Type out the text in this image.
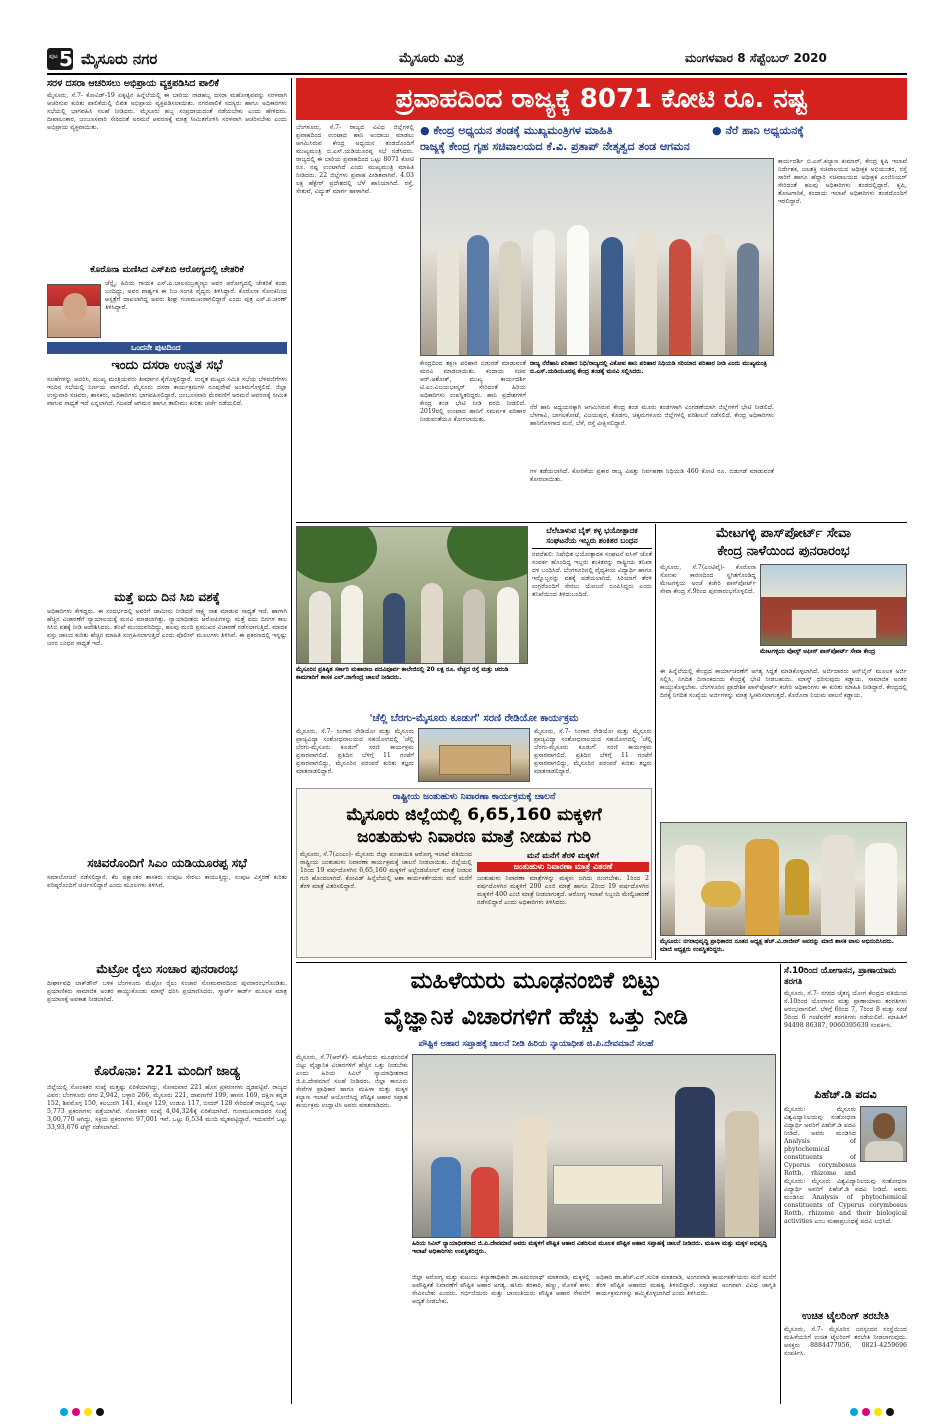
ಪುಟ 5 ಮೈಸೂರು ನಗರ	ಮೈಸೂರು ಮಿತ್ರ	ಮಂಗಳವಾರ 8 ಸೆಪ್ಟೆಂಬರ್ 2020
ಸರಳ ದಸರಾ ಆಚರಿಸಲು ಅಭಿಪ್ರಾಯ ವ್ಯಕ್ತಪಡಿಸಿದ ಪಾಲಿಕೆ
ಮೈಸೂರು, ಸೆ.7- ಕೋವಿಡ್-19 ಏಕ್ಕಟ್ಟಿನ ಹಿನ್ನೆಲೆಯಲ್ಲಿ ಈ ಬಾರಿಯ ನಾಡಹಬ್ಬ ದಸರಾ ಮಹೋತ್ಸವವನ್ನು ಸರಳವಾಗಿ ಆಚರಿಸುವ ಕುರಿತು ಪಾಲಿಕೆಯಲ್ಲಿ ಲಿಖಿತ ಅಭಿಪ್ರಾಯ ವ್ಯಕ್ತಪಡಿಸಲಾಯಿತು. ನಗರಪಾಲಿಕೆ ಸದಸ್ಯರು ಹಾಗೂ ಅಧಿಕಾರಿಗಳು ಸಭೆಯಲ್ಲಿ ಭಾಗವಹಿಸಿ ಸಲಹೆ ನೀಡಿದರು. ಮೈಸೂರು ಹಬ್ಬ ಸಂಪ್ರದಾಯದಂತೆ ನಡೆಯಬೇಕು ಎಂದು ಹೇಳಿದರು. ದೀಪಾಲಂಕಾರ, ಜಂಬೂಸವಾರಿ ಸೇರಿದಂತೆ ಅರಮನೆ ಆವರಣಕ್ಕೆ ಮಾತ್ರ ಸೀಮಿತಗೊಳಿಸಿ ಸರಳವಾಗಿ ಆಚರಿಸಬೇಕು ಎಂದು ಅಭಿಪ್ರಾಯ ವ್ಯಕ್ತವಾಯಿತು.
ಕೊರೊನಾ ಮಣಿಸಿದ ಎಸ್‌ಪಿಬಿ ಆರೋಗ್ಯದಲ್ಲಿ ಚೇತರಿಕೆ
ಚೆನ್ನೈ: ಹಿರಿಯ ಗಾಯಕ ಎಸ್.ಪಿ.ಬಾಲಸುಬ್ರಹ್ಮಣ್ಯಂ ಅವರ ಆರೋಗ್ಯದಲ್ಲಿ ಚೇತರಿಕೆ ಕಂಡು ಬಂದಿದ್ದು, ಅವರ ಪಾರ್ಶ್ವಕ ಈ ನಿಜ ಸಂಗತಿ ವೈದ್ಯರು ತಿಳಿಸಿದ್ದಾರೆ. ಕೊರೊನಾ ಸೋಂಕಿನಿಂದ ಆಸ್ಪತ್ರೆಗೆ ದಾಖಲಾಗಿದ್ದ ಅವರು ಶೀಘ್ರ ಗುಣಮುಖರಾಗಲಿದ್ದಾರೆ ಎಂದು ಪುತ್ರ ಎಸ್.ಪಿ.ಚರಣ್ ತಿಳಿಸಿದ್ದಾರೆ.
ಒಂದನೇ ಪುಟದಿಂದ
ಇಂದು ದಸರಾ ಉನ್ನತ ಸಭೆ
ಸಲಹೆಗಳನ್ನು ಆದರಿಸಿ, ಮುಖ್ಯ ಮಂತ್ರಿಯವರು ತೀರ್ಮಾನ ಕೈಗೊಳ್ಳಲಿದ್ದಾರೆ. ಉನ್ನತ ಮಟ್ಟದ ಸಮಿತಿ ಸಭೆಯ ಬೆಳವಣಿಗೆಗಳು ಇಂದಿನ ಸಭೆಯಲ್ಲಿ ನಿರ್ಣಯ ವಾಗಲಿದೆ. ಮೈಸೂರು ದಸರಾ ಕಾರ್ಯಕ್ರಮಗಳ ರೂಪುರೇಷೆ ಅಂತಿಮಗೊಳ್ಳಲಿದೆ. ಜಿಲ್ಲಾ ಉಸ್ತುವಾರಿ ಸಚಿವರು, ಶಾಸಕರು, ಅಧಿಕಾರಿಗಳು ಭಾಗವಹಿಸಲಿದ್ದಾರೆ. ಜಂಬೂಸವಾರಿ ಮೆರವಣಿಗೆ ಅರಮನೆ ಆವರಣಕ್ಕೆ ಸೀಮಿತ ವಾಗುವ ಸಾಧ್ಯತೆ ಇದೆ ಎನ್ನಲಾಗಿದೆ. ಗಜಪಡೆ ಆಗಮನ ಹಾಗೂ ತಾಲೀಮು ಕುರಿತು ಚರ್ಚೆ ನಡೆಯಲಿದೆ.
ಮತ್ತೆ ಐದು ದಿನ ಸಿಬಿ ವಶಕ್ಕೆ
ಅಧಿಕಾರಿಗಳು ಕೇಳಿದ್ದರು. ಈ ಸಂದರ್ಭದಲ್ಲಿ ಅವರಿಗೆ ಜಾಮೀನು ನೀಡಿದರೆ ಸಾಕ್ಷ್ಯ ನಾಶ ಮಾಡುವ ಸಾಧ್ಯತೆ ಇದೆ. ಹಾಗಾಗಿ ಹೆಚ್ಚಿನ ವಿಚಾರಣೆಗೆ ನ್ಯಾಯಾಲಯಕ್ಕೆ ಮನವಿ ಮಾಡಲಾಗಿತ್ತು. ನ್ಯಾಯಾಧೀಶರು ಆರೋಪಿಗಳನ್ನು ಮತ್ತೆ ಐದು ದಿನಗಳ ಕಾಲ ಸಿಸಿಬಿ ವಶಕ್ಕೆ ನೀಡಿ ಆದೇಶಿಸಿದರು. ತನಿಖೆ ಮುಂದುವರಿದಿದ್ದು, ಹಲವು ಮಂದಿ ಪ್ರಮುಖರ ವಿಚಾರಣೆ ನಡೆಸಲಾಗುತ್ತಿದೆ. ಮಾದಕ ವಸ್ತು ಜಾಲದ ಕುರಿತು ಹೆಚ್ಚಿನ ಮಾಹಿತಿ ಸಂಗ್ರಹಿಸಲಾಗುತ್ತಿದೆ ಎಂದು ಪೊಲೀಸ್ ಮೂಲಗಳು ತಿಳಿಸಿವೆ. ಈ ಪ್ರಕರಣದಲ್ಲಿ ಇನ್ನಷ್ಟು ಜನರ ಬಂಧನ ಸಾಧ್ಯತೆ ಇದೆ.
ಸಚಿವರೊಂದಿಗೆ ಸಿಎಂ ಯಡಿಯೂರಪ್ಪ ಸಭೆ
ಸಮಾಲೋಚನೆ ನಡೆಸಲಿದ್ದಾರೆ. ಕೆಲ ಪಕ್ಷಾಂತರ ಶಾಸಕರು ಸಂಪುಟ ಸೇರಲು ಕಾಯುತ್ತಿದ್ದು, ಸಂಪುಟ ವಿಸ್ತರಣೆ ಕುರಿತು ವರಿಷ್ಠರೊಂದಿಗೆ ಚರ್ಚಿಸಲಿದ್ದಾರೆ ಎಂದು ಮೂಲಗಳು ತಿಳಿಸಿವೆ.
ಮೆಟ್ರೋ ರೈಲು ಸಂಚಾರ ಪುನರಾರಂಭ
ದೀರ್ಘಾವಧಿ ಲಾಕ್‌ಡೌನ್ ಬಳಿಕ ಬೆಂಗಳೂರು ಮೆಟ್ರೋ ರೈಲು ಸಂಚಾರ ಸೋಮವಾರದಿಂದ ಪುನರಾರಂಭಗೊಂಡಿತು. ಪ್ರಯಾಣಿಕರು ಸಾಮಾಜಿಕ ಅಂತರ ಕಾಯ್ದುಕೊಂಡು ಮಾಸ್ಕ್ ಧರಿಸಿ ಪ್ರಯಾಣಿಸಿದರು. ಸ್ಮಾರ್ಟ್ ಕಾರ್ಡ್ ಮೂಲಕ ಮಾತ್ರ ಪ್ರಯಾಣಕ್ಕೆ ಅವಕಾಶ ನೀಡಲಾಗಿದೆ.
ಕೊರೊನಾ: 221 ಮಂದಿಗೆ ಜಾಡ್ಯ
ಜಿಲ್ಲೆಯಲ್ಲಿ ಸೋಂಕಿತರ ಸಂಖ್ಯೆ ಮತ್ತಷ್ಟು ಏರಿಕೆಯಾಗಿದ್ದು, ಸೋಮವಾರ 221 ಹೊಸ ಪ್ರಕರಣಗಳು ದೃಢಪಟ್ಟಿವೆ. ರಾಜ್ಯದ ವಿವರ: ಬೆಂಗಳೂರು ನಗರ 2,942, ಬಳ್ಳಾರಿ 266, ಮೈಸೂರು 221, ದಾವಣಗೆರೆ 199, ಹಾಸನ 169, ದಕ್ಷಿಣ ಕನ್ನಡ 152, ಶಿವಮೊಗ್ಗ 150, ಕಲಬುರಗಿ 141, ಕೊಪ್ಪಳ 129, ಉಡುಪಿ 117, ಬೀದರ್ 128 ಸೇರಿದಂತೆ ರಾಜ್ಯದಲ್ಲಿ ಒಟ್ಟು 5,773 ಪ್ರಕರಣಗಳು ಪತ್ತೆಯಾಗಿವೆ. ಸೋಂಕಿತರ ಸಂಖ್ಯೆ 4,04,324ಕ್ಕೆ ಏರಿಕೆಯಾಗಿದೆ. ಗುಣಮುಖರಾದವರ ಸಂಖ್ಯೆ 3,00,770 ಆಗಿದ್ದು, ಸಕ್ರಿಯ ಪ್ರಕರಣಗಳು 97,001 ಇವೆ. ಒಟ್ಟು 6,534 ಮಂದಿ ಮೃತಪಟ್ಟಿದ್ದಾರೆ. ಇದುವರೆಗೆ ಒಟ್ಟು 33,93,676 ಟೆಸ್ಟ್ ನಡೆಸಲಾಗಿದೆ.
ಪ್ರವಾಹದಿಂದ ರಾಜ್ಯಕ್ಕೆ 8071 ಕೋಟಿ ರೂ. ನಷ್ಟ
● ಕೇಂದ್ರ ಅಧ್ಯಯನ ತಂಡಕ್ಕೆ ಮುಖ್ಯಮಂತ್ರಿಗಳ ಮಾಹಿತಿ	● ನೆರೆ ಹಾನಿ ಅಧ್ಯಯನಕ್ಕೆ
ರಾಜ್ಯಕ್ಕೆ ಕೇಂದ್ರ ಗೃಹ ಸಚಿವಾಲಯದ ಕೆ.ವಿ. ಪ್ರತಾಪ್ ನೇತೃತ್ವದ ತಂಡ ಆಗಮನ
ಬೆಂಗಳೂರು, ಸೆ.7- ರಾಜ್ಯದ ವಿವಿಧ ಜಿಲ್ಲೆಗಳಲ್ಲಿ ಪ್ರವಾಹದಿಂದ ಉಂಟಾದ ಹಾನಿ ಅಂದಾಜು ಮಾಡಲು ಆಗಮಿಸಿರುವ ಕೇಂದ್ರ ಅಧ್ಯಯನ ತಂಡದೊಂದಿಗೆ ಮುಖ್ಯಮಂತ್ರಿ ಬಿ.ಎಸ್.ಯಡಿಯೂರಪ್ಪ ಸಭೆ ನಡೆಸಿದರು. ರಾಜ್ಯದಲ್ಲಿ ಈ ಬಾರಿಯ ಪ್ರವಾಹದಿಂದ ಒಟ್ಟು 8071 ಕೋಟಿ ರೂ. ನಷ್ಟ ಉಂಟಾಗಿದೆ ಎಂದು ಮುಖ್ಯಮಂತ್ರಿ ಮಾಹಿತಿ ನೀಡಿದರು. 22 ಜಿಲ್ಲೆಗಳು ಪ್ರವಾಹ ಪೀಡಿತವಾಗಿವೆ. 4.03 ಲಕ್ಷ ಹೆಕ್ಟೇರ್ ಪ್ರದೇಶದಲ್ಲಿ ಬೆಳೆ ಹಾನಿಯಾಗಿದೆ. ರಸ್ತೆ, ಸೇತುವೆ, ವಿದ್ಯುತ್ ಮಾರ್ಗ ಹಾಳಾಗಿವೆ.
ರಾಜ್ಯ ನೆರೆಹಾನಿ ಪರಿಹಾರ ನಿಧಿ/ರಾಜ್ಯದಲ್ಲಿ ವಿಕೋಪ ಹಾನಿ ಪರಿಹಾರ ನಿಧಿಯಡಿ ಸರಿಯಾದ ಪರಿಹಾರ ನೀಡಿ ಎಂದು ಮುಖ್ಯಮಂತ್ರಿ ಬಿ.ಎಸ್.ಯಡಿಯೂರಪ್ಪ ಕೇಂದ್ರ ತಂಡಕ್ಕೆ ಮನವಿ ಸಲ್ಲಿಸಿದರು.
ಕೇಂದ್ರದಿಂದ ತಕ್ಷಣ ಪರಿಹಾರ ಬಿಡುಗಡೆ ಮಾಡುವಂತೆ ಮನವಿ ಮಾಡಲಾಯಿತು. ಕಂದಾಯ ಸಚಿವ ಆರ್.ಅಶೋಕ್, ಮುಖ್ಯ ಕಾರ್ಯದರ್ಶಿ ಟಿ.ಎಂ.ವಿಜಯಭಾಸ್ಕರ್ ಸೇರಿದಂತೆ ಹಿರಿಯ ಅಧಿಕಾರಿಗಳು ಉಪಸ್ಥಿತರಿದ್ದರು. ಹಾನಿ ಪ್ರದೇಶಗಳಿಗೆ ಕೇಂದ್ರ ತಂಡ ಭೇಟಿ ನೀಡಿ ವರದಿ ನೀಡಲಿದೆ. 2019ರಲ್ಲಿ ಉಂಟಾದ ಹಾನಿಗೆ ಸಮರ್ಪಕ ಪರಿಹಾರ ನೀಡುವಂತೆಯೂ ಕೋರಲಾಯಿತು.
ನೆರೆ ಹಾನಿ ಅಧ್ಯಯನಕ್ಕಾಗಿ ಆಗಮಿಸಿರುವ ಕೇಂದ್ರ ತಂಡ ಮೂರು ತಂಡಗಳಾಗಿ ವಿಂಗಡಣೆಯಾಗಿ ಜಿಲ್ಲೆಗಳಿಗೆ ಭೇಟಿ ನೀಡಲಿದೆ. ಬೆಳಗಾವಿ, ಬಾಗಲಕೋಟೆ, ವಿಜಯಪುರ, ಕೊಡಗು, ಚಿಕ್ಕಮಗಳೂರು ಜಿಲ್ಲೆಗಳಲ್ಲಿ ಪರಿಶೀಲನೆ ನಡೆಸಲಿದೆ. ಕೇಂದ್ರ ಅಧಿಕಾರಿಗಳು ಹಾನಿಗೊಳಗಾದ ಮನೆ, ಬೆಳೆ, ರಸ್ತೆ ವೀಕ್ಷಿಸಲಿದ್ದಾರೆ.
ಗಳ ತಡೆಯಲಾಗಿದೆ. ಕೋರಿಕೆಯ ಪ್ರಕಾರ ರಾಜ್ಯ ವಿಪತ್ತು ನಿರ್ವಹಣಾ ನಿಧಿಯಡಿ 460 ಕೋಟಿ ರೂ. ಬಿಡುಗಡೆ ಮಾಡುವಂತೆ ಕೋರಲಾಯಿತು.
ಕಾರ್ಯದರ್ಶಿ ಬಿ.ಎಸ್.ಕಲ್ಯಾಣ ಕುಮಾರ್, ಕೇಂದ್ರ ಕೃಷಿ ಇಲಾಖೆ ನಿರ್ದೇಶಕ, ಜಲಶಕ್ತಿ ಸಚಿವಾಲಯದ ಅಧೀಕ್ಷಕ ಅಭಿಯಂತರ, ರಸ್ತೆ ಸಾರಿಗೆ ಹಾಗೂ ಹೆದ್ದಾರಿ ಸಚಿವಾಲಯದ ಅಧೀಕ್ಷಕ ಎಂಜಿನಿಯರ್ ಸೇರಿದಂತೆ ಹಲವು ಅಧಿಕಾರಿಗಳು ತಂಡದಲ್ಲಿದ್ದಾರೆ. ಕೃಷಿ, ತೋಟಗಾರಿಕೆ, ಕಂದಾಯ ಇಲಾಖೆ ಅಧಿಕಾರಿಗಳು ತಂಡದೊಂದಿಗೆ ಇರಲಿದ್ದಾರೆ.
ಮೈಸೂರಿನ ಪ್ರತಿಷ್ಠಿತ ಸರ್ಕಾರಿ ಮಹಾರಾಜ ಪದವಿಪೂರ್ವ ಕಾಲೇಜಿನಲ್ಲಿ 20 ಲಕ್ಷ ರೂ. ವೆಚ್ಚದ ರಸ್ತೆ ಮತ್ತು ಚರಂಡಿ ಕಾಮಗಾರಿಗೆ ಶಾಸಕ ಎಲ್.ನಾಗೇಂದ್ರ ಚಾಲನೆ ನೀಡಿದರು.
ಬೆಲೆಬಾಳುವ ಬೈಕ್ ಕಳ್ಳ ಭಯೋತ್ಪಾದಕ ಸಂಘಟನೆಯ ಇಬ್ಬರು ಶಂಕಿತರ ಬಂಧನ
ನವದೆಹಲಿ: ನಿಷೇಧಿತ ಭಯೋತ್ಪಾದಕ ಸಂಘಟನೆ ಐಸಿಸ್ ಜೊತೆ ಸಂಪರ್ಕ ಹೊಂದಿದ್ದ ಇಬ್ಬರು ಶಂಕಿತರನ್ನು ರಾಷ್ಟ್ರೀಯ ತನಿಖಾ ದಳ ಬಂಧಿಸಿದೆ. ಬೆಂಗಳೂರಿನಲ್ಲಿ ವೈದ್ಯಕೀಯ ವಿದ್ಯಾರ್ಥಿ ಹಾಗೂ ಇನ್ನೊಬ್ಬನನ್ನು ವಶಕ್ಕೆ ಪಡೆಯಲಾಗಿದೆ. ಸಿರಿಯಾಗೆ ತೆರಳಿ ಉಗ್ರರೊಂದಿಗೆ ಸೇರಲು ಯೋಜನೆ ರೂಪಿಸಿದ್ದರು ಎಂದು ತನಿಖೆಯಿಂದ ತಿಳಿದುಬಂದಿದೆ.
'ಚೆಲ್ಲಿ ಬೆರಗು-ಮೈಸೂರು ಕೂಡುಗೆ' ಸರಣಿ ರೇಡಿಯೋ ಕಾರ್ಯಕ್ರಮ
ಮೈಸೂರು, ಸೆ.7- ಸಿಂಗಾರ ರೇಡಿಯೋ ಮತ್ತು ಮೈಸೂರು ಪ್ರಾಚ್ಯವಿದ್ಯಾ ಸಂಶೋಧನಾಲಯದ ಸಹಯೋಗದಲ್ಲಿ 'ಚೆಲ್ಲಿ ಬೆರಗು-ಮೈಸೂರು ಕೂಡುಗೆ' ಸರಣಿ ಕಾರ್ಯಕ್ರಮ ಪ್ರಸಾರವಾಗಲಿದೆ. ಪ್ರತಿದಿನ ಬೆಳಿಗ್ಗೆ 11 ಗಂಟೆಗೆ ಪ್ರಸಾರವಾಗಲಿದ್ದು, ಮೈಸೂರಿನ ಪರಂಪರೆ ಕುರಿತು ತಜ್ಞರು ಮಾತನಾಡಲಿದ್ದಾರೆ.
ಮೈಸೂರು, ಸೆ.7- ಸಿಂಗಾರ ರೇಡಿಯೋ ಮತ್ತು ಮೈಸೂರು ಪ್ರಾಚ್ಯವಿದ್ಯಾ ಸಂಶೋಧನಾಲಯದ ಸಹಯೋಗದಲ್ಲಿ 'ಚೆಲ್ಲಿ ಬೆರಗು-ಮೈಸೂರು ಕೂಡುಗೆ' ಸರಣಿ ಕಾರ್ಯಕ್ರಮ ಪ್ರಸಾರವಾಗಲಿದೆ. ಪ್ರತಿದಿನ ಬೆಳಿಗ್ಗೆ 11 ಗಂಟೆಗೆ ಪ್ರಸಾರವಾಗಲಿದ್ದು, ಮೈಸೂರಿನ ಪರಂಪರೆ ಕುರಿತು ತಜ್ಞರು ಮಾತನಾಡಲಿದ್ದಾರೆ.
ರಾಷ್ಟ್ರೀಯ ಜಂತುಹುಳು ನಿವಾರಣಾ ಕಾರ್ಯಕ್ರಮಕ್ಕೆ ಚಾಲನೆ
ಮೈಸೂರು ಜಿಲ್ಲೆಯಲ್ಲಿ 6,65,160 ಮಕ್ಕಳಿಗೆ
ಜಂತುಹುಳು ನಿವಾರಣ ಮಾತ್ರೆ ನೀಡುವ ಗುರಿ
ಮೈಸೂರು, ಸೆ.7(ಎಂಎಂ)- ಮೈಸೂರು ಜಿಲ್ಲಾ ಪಂಚಾಯಿತಿ ಆರೋಗ್ಯ ಇಲಾಖೆ ವತಿಯಿಂದ ರಾಷ್ಟ್ರೀಯ ಜಂತುಹುಳು ನಿವಾರಣಾ ಕಾರ್ಯಕ್ರಮಕ್ಕೆ ಚಾಲನೆ ನೀಡಲಾಯಿತು. ಜಿಲ್ಲೆಯಲ್ಲಿ 1ರಿಂದ 19 ವರ್ಷದೊಳಗಿನ 6,65,160 ಮಕ್ಕಳಿಗೆ ಅಲ್ಬೆಂಡಜೋಲ್ ಮಾತ್ರೆ ನೀಡುವ ಗುರಿ ಹೊಂದಲಾಗಿದೆ. ಕೋವಿಡ್ ಹಿನ್ನೆಲೆಯಲ್ಲಿ ಆಶಾ ಕಾರ್ಯಕರ್ತೆಯರು ಮನೆ ಮನೆಗೆ ತೆರಳಿ ಮಾತ್ರೆ ವಿತರಿಸಲಿದ್ದಾರೆ.
ಮನೆ ಮನೆಗೆ ತೆರಳಿ ಮಕ್ಕಳಿಗೆ
ಜಂತುಹುಳು ನಿವಾರಣಾ ಮಾತ್ರೆ ವಿತರಣೆ
ಜಂತುಹುಳು ನಿವಾರಣಾ ಮಾತ್ರೆಗಳನ್ನು ಮಕ್ಕಳು ಜಗಿದು ನುಂಗಬೇಕು. 1ರಿಂದ 2 ವರ್ಷದೊಳಗಿನ ಮಕ್ಕಳಿಗೆ 200 ಎಂಜಿ ಮಾತ್ರೆ ಹಾಗೂ 2ರಿಂದ 19 ವರ್ಷದೊಳಗಿನ ಮಕ್ಕಳಿಗೆ 400 ಎಂಜಿ ಮಾತ್ರೆ ನೀಡಲಾಗುತ್ತದೆ. ಆರೋಗ್ಯ ಇಲಾಖೆ ಸಿಬ್ಬಂದಿ ಮೇಲ್ವಿಚಾರಣೆ ನಡೆಸಲಿದ್ದಾರೆ ಎಂದು ಅಧಿಕಾರಿಗಳು ತಿಳಿಸಿದರು.
ಮೇಟಗಳ್ಳಿ ಪಾಸ್‌ಪೋರ್ಟ್ ಸೇವಾ
ಕೇಂದ್ರ ನಾಳೆಯಿಂದ ಪುನರಾರಂಭ
ಮೈಸೂರು, ಸೆ.7(ಎಂಟಿವೈ)- ಕೊರೊನಾ ಸೋಂಕು ಕಾರಣದಿಂದ ಸ್ಥಗಿತಗೊಂಡಿದ್ದ ಮೇಟಗಳ್ಳಿಯ ಅಂಚೆ ಕಚೇರಿ ಪಾಸ್‌ಪೋರ್ಟ್ ಸೇವಾ ಕೇಂದ್ರ ಸೆ.9ರಿಂದ ಪುನರಾರಂಭಗೊಳ್ಳಲಿದೆ.
ಮೇಟಗಳ್ಳಿಯ ಪೋಸ್ಟ್ ಆಫೀಸ್ ಪಾಸ್‌ಪೋರ್ಟ್ ಸೇವಾ ಕೇಂದ್ರ
ಈ ಹಿನ್ನೆಲೆಯಲ್ಲಿ ಕೇಂದ್ರದ ಕಾರ್ಯಾಚರಣೆಗೆ ಅಗತ್ಯ ಸಿದ್ಧತೆ ಮಾಡಿಕೊಳ್ಳಲಾಗಿದೆ. ಅರ್ಜಿದಾರರು ಆನ್‌ಲೈನ್ ಮೂಲಕ ಅರ್ಜಿ ಸಲ್ಲಿಸಿ, ನಿಗದಿತ ದಿನಾಂಕದಂದು ಕೇಂದ್ರಕ್ಕೆ ಭೇಟಿ ನೀಡಬಹುದು. ಮಾಸ್ಕ್ ಧರಿಸುವುದು ಕಡ್ಡಾಯ. ಸಾಮಾಜಿಕ ಅಂತರ ಕಾಯ್ದುಕೊಳ್ಳಬೇಕು. ಬೆಂಗಳೂರಿನ ಪ್ರಾದೇಶಿಕ ಪಾಸ್‌ಪೋರ್ಟ್ ಕಚೇರಿ ಅಧಿಕಾರಿಗಳು ಈ ಕುರಿತು ಮಾಹಿತಿ ನೀಡಿದ್ದಾರೆ. ಕೇಂದ್ರದಲ್ಲಿ ದಿನಕ್ಕೆ ನಿಗದಿತ ಸಂಖ್ಯೆಯ ಅರ್ಜಿಗಳನ್ನು ಮಾತ್ರ ಸ್ವೀಕರಿಸಲಾಗುತ್ತದೆ. ಕೊರೊನಾ ನಿಯಮ ಪಾಲನೆ ಕಡ್ಡಾಯ.
ಮೈಸೂರು: ನಗರಾಭಿವೃದ್ಧಿ ಪ್ರಾಧಿಕಾರದ ನೂತನ ಅಧ್ಯಕ್ಷ ಹೆಚ್.ವಿ.ರಾಜೀವ್ ಅವರನ್ನು ಮಾಜಿ ಶಾಸಕ ವಾಸು ಅಭಿನಂದಿಸಿದರು. ಮಾಜಿ ಅಧ್ಯಕ್ಷರು ಉಪಸ್ಥಿತರಿದ್ದರು.
ಮಹಿಳೆಯರು ಮೂಢನಂಬಿಕೆ ಬಿಟ್ಟು
ವೈಜ್ಞಾನಿಕ ವಿಚಾರಗಳಿಗೆ ಹೆಚ್ಚು ಒತ್ತು ನೀಡಿ
ಪೌಷ್ಟಿಕ ಆಹಾರ ಸಪ್ತಾಹಕ್ಕೆ ಚಾಲನೆ ನೀಡಿ ಹಿರಿಯ ನ್ಯಾಯಾಧೀಶ ಜಿ.ಪಿ.ದೇವಮಾನೆ ಸಲಹೆ
ಮೈಸೂರು, ಸೆ.7(ಆರ್‌ಕೆ)- ಮಹಿಳೆಯರು ಮೂಢನಂಬಿಕೆ ಬಿಟ್ಟು ವೈಜ್ಞಾನಿಕ ವಿಚಾರಗಳಿಗೆ ಹೆಚ್ಚಿನ ಒತ್ತು ನೀಡಬೇಕು ಎಂದು ಹಿರಿಯ ಸಿವಿಲ್ ನ್ಯಾಯಾಧೀಶರಾದ ಜಿ.ಪಿ.ದೇವಮಾನೆ ಸಲಹೆ ನೀಡಿದರು. ಜಿಲ್ಲಾ ಕಾನೂನು ಸೇವೆಗಳ ಪ್ರಾಧಿಕಾರ ಹಾಗೂ ಮಹಿಳಾ ಮತ್ತು ಮಕ್ಕಳ ಕಲ್ಯಾಣ ಇಲಾಖೆ ಆಯೋಜಿಸಿದ್ದ ಪೌಷ್ಟಿಕ ಆಹಾರ ಸಪ್ತಾಹ ಕಾರ್ಯಕ್ರಮ ಉದ್ಘಾಟಿಸಿ ಅವರು ಮಾತನಾಡಿದರು.
ಹಿರಿಯ ಸಿವಿಲ್ ನ್ಯಾಯಾಧೀಶರಾದ ಜಿ.ಪಿ.ದೇವಮಾನೆ ಅವರು ಮಕ್ಕಳಿಗೆ ಪೌಷ್ಟಿಕ ಆಹಾರ ವಿತರಿಸುವ ಮೂಲಕ ಪೌಷ್ಟಿಕ ಆಹಾರ ಸಪ್ತಾಹಕ್ಕೆ ಚಾಲನೆ ನೀಡಿದರು. ಮಹಿಳಾ ಮತ್ತು ಮಕ್ಕಳ ಅಭಿವೃದ್ಧಿ ಇಲಾಖೆ ಅಧಿಕಾರಿಗಳು ಉಪಸ್ಥಿತರಿದ್ದರು.
ಜಿಲ್ಲಾ ಆರೋಗ್ಯ ಮತ್ತು ಕುಟುಂಬ ಕಲ್ಯಾಣಾಧಿಕಾರಿ ಡಾ.ಅಮರನಾಥ್ ಮಾತನಾಡಿ, ಮಕ್ಕಳಲ್ಲಿ ಅಪೌಷ್ಟಿಕತೆ ನಿವಾರಣೆಗೆ ಪೌಷ್ಟಿಕ ಆಹಾರ ಅಗತ್ಯ. ಹಸಿರು ತರಕಾರಿ, ಹಣ್ಣು, ಮೊಳಕೆ ಕಾಳು ಸೇವಿಸಬೇಕು ಎಂದರು. ಗರ್ಭಿಣಿಯರು ಮತ್ತು ಬಾಣಂತಿಯರು ಪೌಷ್ಟಿಕ ಆಹಾರ ಸೇವನೆಗೆ ಆದ್ಯತೆ ನೀಡಬೇಕು.
ಅಧಿಕಾರಿ ಡಾ.ಹೆಚ್.ಎನ್.ಸುನಿತ ಮಾತನಾಡಿ, ಅಂಗನವಾಡಿ ಕಾರ್ಯಕರ್ತೆಯರು ಮನೆ ಮನೆಗೆ ತೆರಳಿ ಪೌಷ್ಟಿಕ ಆಹಾರದ ಮಹತ್ವ ತಿಳಿಸಲಿದ್ದಾರೆ. ಸಪ್ತಾಹದ ಅಂಗವಾಗಿ ವಿವಿಧ ಜಾಗೃತಿ ಕಾರ್ಯಕ್ರಮಗಳನ್ನು ಹಮ್ಮಿಕೊಳ್ಳಲಾಗಿದೆ ಎಂದು ತಿಳಿಸಿದರು.
ಸೆ.10ರಿಂದ ಯೋಗಾಸನ, ಪ್ರಾಣಾಯಾಮ ತರಗತಿ
ಮೈಸೂರು, ಸೆ.7- ನಗರದ ಚೈತನ್ಯ ಯೋಗ ಕೇಂದ್ರದ ವತಿಯಿಂದ ಸೆ.10ರಿಂದ ಯೋಗಾಸನ ಮತ್ತು ಪ್ರಾಣಾಯಾಮ ತರಗತಿಗಳು ಆರಂಭವಾಗಲಿವೆ. ಬೆಳಿಗ್ಗೆ 6ರಿಂದ 7, 7ರಿಂದ 8 ಮತ್ತು ಸಂಜೆ 5ರಿಂದ 6 ಗಂಟೆವರೆಗೆ ತರಗತಿಗಳು ನಡೆಯಲಿವೆ. ಮಾಹಿತಿಗೆ 94498 86387, 9060395639 ಸಂಪರ್ಕಿಸಿ.
ಪಿಹೆಚ್.ಡಿ ಪದವಿ
ಮೈಸೂರು: ಮೈಸೂರು ವಿಶ್ವವಿದ್ಯಾನಿಲಯವು ಸಂಶೋಧನಾ ವಿದ್ಯಾರ್ಥಿ ಅವರಿಗೆ ಪಿಹೆಚ್.ಡಿ ಪದವಿ ನೀಡಿದೆ. ಅವರು ಮಂಡಿಸಿದ Analysis of phytochemical constituents of Cyperus corymbosus Rottb. rhizome and
ಮೈಸೂರು: ಮೈಸೂರು ವಿಶ್ವವಿದ್ಯಾನಿಲಯವು ಸಂಶೋಧನಾ ವಿದ್ಯಾರ್ಥಿ ಅವರಿಗೆ ಪಿಹೆಚ್.ಡಿ ಪದವಿ ನೀಡಿದೆ. ಅವರು ಮಂಡಿಸಿದ Analysis of phytochemical constituents of Cyperus corymbosus Rottb. rhizome and their biological activities ಎಂಬ ಮಹಾಪ್ರಬಂಧಕ್ಕೆ ಪದವಿ ಲಭಿಸಿದೆ.
ಉಚಿತ ಟೈಲರಿಂಗ್ ತರಬೇತಿ
ಮೈಸೂರು, ಸೆ.7- ಮೈಸೂರಿನ ಜನಸ್ಪಂದನ ಸಂಸ್ಥೆಯಿಂದ ಮಹಿಳೆಯರಿಗೆ ಉಚಿತ ಟೈಲರಿಂಗ್ ತರಬೇತಿ ನೀಡಲಾಗುವುದು. ಆಸಕ್ತರು 8884477956, 0821-4259696 ಸಂಪರ್ಕಿಸಿ.
